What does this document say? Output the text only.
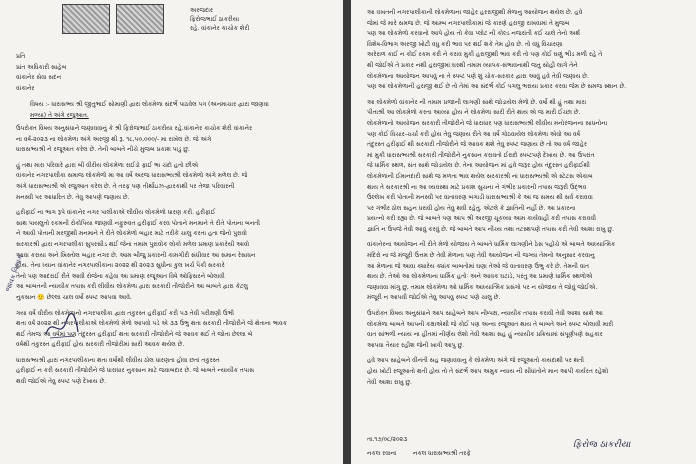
અરજદાર
ફિરોજભાઈ ઠાકરીયા
રહે. વાંકાનેર કાચોક શેરી
પ્રતિ
પ્રાંત અધિકારી સાહેબ
વાંકાનેર સેવા સદન
વાંકાનેર
વિષય :- ધારાસભ્ય શ્રી જીતુભાઈ સોમાણી દ્વારા લોકમેળા સંદર્ભે પાઠવેલ પત્ર (અનમાચાર દ્વારા જાણવા
મળ્યા) તે અંગે રજુઆત.
ઉપરોક્ત વિષય અનુસંધાને જણાવવાનું કે શ્રી ફિરોજભાઈ ઠાકરીયા રહે.વાંકાનેર કાચોક શેરી વાંકાનેર
ના વર્ષ-૨૦૨૩ ના લોકમેળા અંગે અરજી થી રૂ. ૧૮,૫૦,૦૦૦/- મા રાખેલ છે. જે અંગે
ધારાસભ્યશ્રી ને રજૂઆત કરેલ છે. તેની બાબતે નીચે મુજબ પ્રકાશ પાડુ છુ.
હું તથા મારા પરિવારે દ્વારા બી વીરીય લોકમેળા રાઈડો ફાઈ ભા ચંદો હતો છીએ
વાંકાનેર નગરપાલીકા સમાજ લોકમેળો મા આ વર્ષે અરજ ધારાસભ્યશ્રી લોકમેળો અંગે મળેલ છે. જે
અંગે ધારાસભ્યશ્રી એ રજુઆત કરેલ છે. તે તરફ પણ તીર્થોઇઝ-દ્વારકાથી પર તેજા પરિવારની
મનસ્વી પર આધારિત છે. તેવુ આપણે જણાય છે.
હરીફાઈ ના ભાગ રૂપે વાંકાનેર નગર પાલીકાએ લીવીય લોકમેળો ધારણ કરી. હરીફાઈ
સાથ પાયલુતો રકમની રોકોપિયા જાણવી નફુરુવત હરીફાઈ કરવ પોતાને મનમાને તે રીતે પોતાના બનતી
ને આવી પોતાની મરજીથી મનમાને તે રીતે લોકમેળો બહાર માટે તરીકે ચાલુ કરતા હતા જેનો પુરાવો
સરકારશ્રી દ્વારા નગરપાલીકા સુપરસીડ થઈ જેના તમામ પુરાવોક લોકો મળેલ પ્રમાણ પ્રકારેયી આવો
આવા કરાયા અને ખિસ્તોલ બહાર નગર છે. આમ બીજુ પ્રકારની કામગીરી સંધીવાર આ સમાન રેસાધન
હોય. તેના ધ્યાન વાંકાનેર નગરપાલીકાના ૨૦૨૨ થી ૨૦૨૩ સુધીના કુલ ખર્ચ પૈકી સરકારે
તેનો પણ આદરાઈ રીતે આવી રોજેના કહેવા આ પ્રમાણ રજૂઆત વિષે ઓફિસરને બોલાવી
આ બાબતની ન્યાયીક તપાસ કરી લીવીય લોકમેળા દ્વારા સરકારી તીજોરીને આ બાબતે દ્વારા કેટલુ
નુકસાન 🙂 છેલ્લા ચાલ વર્ષો સ્પષ્ટ આપવા આવે.
ગયા વર્ષે વીરીય લોકમેળાનો નગરપાલીકા દ્વારા તકુરસ્ત હરીફાઈ કરી ૫૩ તેવી પરીક્ષણી ઉભી
થતા વર્ષ ૨૦૨૨ થી નગરપાલીકાએ લોકમેળો મેળો આપવો પડે એ ૩૩ ઉભુ થતા સરકારી તીજોરીને જે થેતાના ભાવક
થઈ તેમજ આ વર્ષમાં પણ તંદુરસ્ત હરીફાઈ થતા સરકારી તીજોરીને જે આવક થઈ તે જોતા છેલ્લા બે
વર્ષથી તકુરસ્ત હરીફાઈ હોય સરકારી તીજોરીમાં સારી આવક થયેલ છે.
ધારાસભ્યશ્રી દ્વારા નગરપાલીકાના થતા વર્ષોથી લીવીય ઠોલ ધારણતા હોવા છતાં તકુરસ્ત
હરીફાઈ ન કરી સરકારી તીજોરીને જે ધારાધાર નુકસાન માટે જવાબદાર છે. જે બાબતે ન્યાયીક તપાસ
થવી જોઈએ તેવુ સ્પષ્ટ પણે દેખાય છે.
જાવક વિભાગ
આ વખતની નગરપાલીકાની લોકમેળાના જાહેર હરરાજીથી મેળાનુ આયોજન થયેલ છે. હવે
જેમાં જે મારે સમજ છે. જે આમ્બ નગરપાલીકામાં જે કારણે હરાજી રાખવામાં તે મુજબ
પણ આ લોકમેળો કરવાનો આપે હોય તો કેવા પ્લોટ ની કોલ્ડ નજરાંતી કઈ ચાલે તેનો અર્થ
વિશેષ-વિભાગ અરજી ખોટી વધુ કરી ભાવ પર થઈ શકે તેમ હોવ છે. તો વધુ વિચારણા
અરેરાળ કાઈ ન કોઈ રકમ કરી ને કરાવ મુકી હરાજીથી ભાવ કરી તો પણ કોઈ ઘણું ભીડ મળી રહે તે
થી જોઈએ તે પ્રકાર નથી હરાજીમાં ઘરથી તમામ વ્યાપક-સંભાવનાથી જતુ સોહી લાગે તેને
લોકમેળાના આયોજન આપવું ના તે સ્પષ્ટ પણે શું ચોક-સરકાર દ્વારા આવું હવે તેવી જણાય છે.
પણ આ લોકમેળાની હરાજી થઈ છે તો તેમાં આ સંદર્ભે કોઈ પગલુ ભરાયા પ્રકાર કરવા જેમ છે સમજ સ્થાન છે.
આ લોકમેળો વાંકાનેર ની તમામ પ્રજાની લાગણી સાથે જોડાયેલ મેળો છે. વર્ષો થી હું તથા મારા
પીતાશ્રી આ લોકમેળો કરતા આવ્યા હોય ને લોકમેળા સારી રીતે થાય એ જ મારી ઈચ્છા છે.
લોકમેળાનો આયોજન સરકારી તીજોરીને જે ધારાધાર પણ ધારાસભ્યશ્રી લીવીય મનોરંજનના સાધનોના
પણ કોઈ વિચાર-ચર્ચા કરી હોય તેવુ જણાય રીતે આ વર્ષે ગોઠવાયેલ લોકમેળા એવો આ વર્ષ
તંદુરસ્ત હરીફાઈ થી સરકારી તીજોરીને જે આવક થશે તેવુ સ્પષ્ટ જણાય છે તો આ વર્ષ જાહેર
માં મુકી ધારાસભ્યશ્રી સરકારી તીજોરીને નુકસાન કરાવતો ઈરાદો સ્પષ્ટપણે દેખાય છે. આ ઉપરાંત
જે ધાર્મિક સ્થળ, સંત સાથે જોડાયેલ છે. તેના આયોજન માં હવે જરૂર હોય તંદુરસ્ત હરીફાઈથી
લોકમેળાની ઈમાનદારી સાથે જ મળતા ભાવ થયેલ સરકારશ્રી ના ધારાસભ્યશ્રી એ સ્ટેટસ એકાબ
થાય તે સરકારશ્રી ના આ વ્યવસ્થા માટે પ્રકાશ સુચના ને ગંભીર પ્રકારની તપાસ જરૂરી ઉદ્ભવ
ઉલ્લેખ કરી પોતાની મનસ્વી પર વાતાવરણ બગાડી ધારાસભ્યશ્રી કે આ જ સમય થી સર્વ કરાવવા
પર ગંભીર ઠોલ સહન ધરાવી હોય તેવુ થવી રહેતુ. એટલે કે જ્ઞાતિની નહીં છે. આ પ્રકારના
પ્રયત્નો કરી રહ્યા છે. જે બાબતે પણ આપ શ્રી અરજી ચૂકવ્યા આમ કાર્યવાહી કરી તપાસ કરાવવી
જ્ઞાતિ ન ઉપજે તેવી આવું કરવું છે. જે બાબતે આપ નીચ્ય તથા તટસ્થપણે તપાસ કરી તેવી આશા રાખુ છુ.
વાંકાનેરના આયોજન ની રીતે મેળો યોજાય તે બાબતે ધાર્મિક લાગણીને ઠેસ પહોંચે એ બાબતે આધ્યાત્મિક
મંદિરો ના જે મંજૂરી ઉત્તમ છે તેવી મેળાના પણ તેવી આયોજન ની જગ્યા તેમનો અનુસાર કરવાનુ
આ મેળાના જે આવા ક્યારેય ક્યાંક બાબતોમાં ઘણા તેઓ જે વાતાવરણ ઉભુ કરે છે. તેમની વાત
થાય છે. તેઓ આ લોકમેળાના ધાર્મિક હતોઃ અને આવક ઘટાડે, પરંતુ આ પ્રમાણે ધાર્મિક સ્થળોએ
જણાવવા માંગુ છુ, તમામ લોકમેળા ઓ ધાર્મિક આધ્યાત્મિક પ્રસંગો પર ન યોજાય તે જોવું જોઈએ.
મંજૂરી ન આપવી જોઈએ તેવુ આપવુ સ્પષ્ટ પણે ચાલુ છે.
ઉપરોક્ત વિષય અનુસંધાને આપ સાહેબને આપ નીષ્પક્ષ, ન્યાયીક તપાસ કરાવી તેવી આશા સાથે આ
લોકમેળા બાબતે આપની કક્ષાએથી જે કોઈ પણ અન્ય રજૂઆત થાય તે બાબતે અને સ્પષ્ટ બોલાવી મારી
વાત સાંભળી ન્યાય ના હીતમાં નીર્ણય લેશો તેવી આશા સહ હું ન્યાયીક પ્રક્રિયામાં સંપૂર્ણપણે સહકાર
આપવા તૈયાર રહીશ જેની ખાત્રી આપુ છુ.
હવે આપ સાહેબને વીનંતી સહ જણાવવાનુ કે લોકમેળા અંગે જે રજૂઆતો કાયદાથી પર થતી
હોય ખોટી રજૂઆતો થતી હોય તો તે સંદર્ભે આપ અમુક ન્યાય ની સીધાંતોને માન આપી કાર્યરત રહેશો
તેવી આશા રાખુ છુ.
તા.૧૭/૦૮/૨૦૨૩
નકલ રવાના	નકલ ધારાસભ્યશ્રી તરફે
ફિરોજ ઠાકરીયા
